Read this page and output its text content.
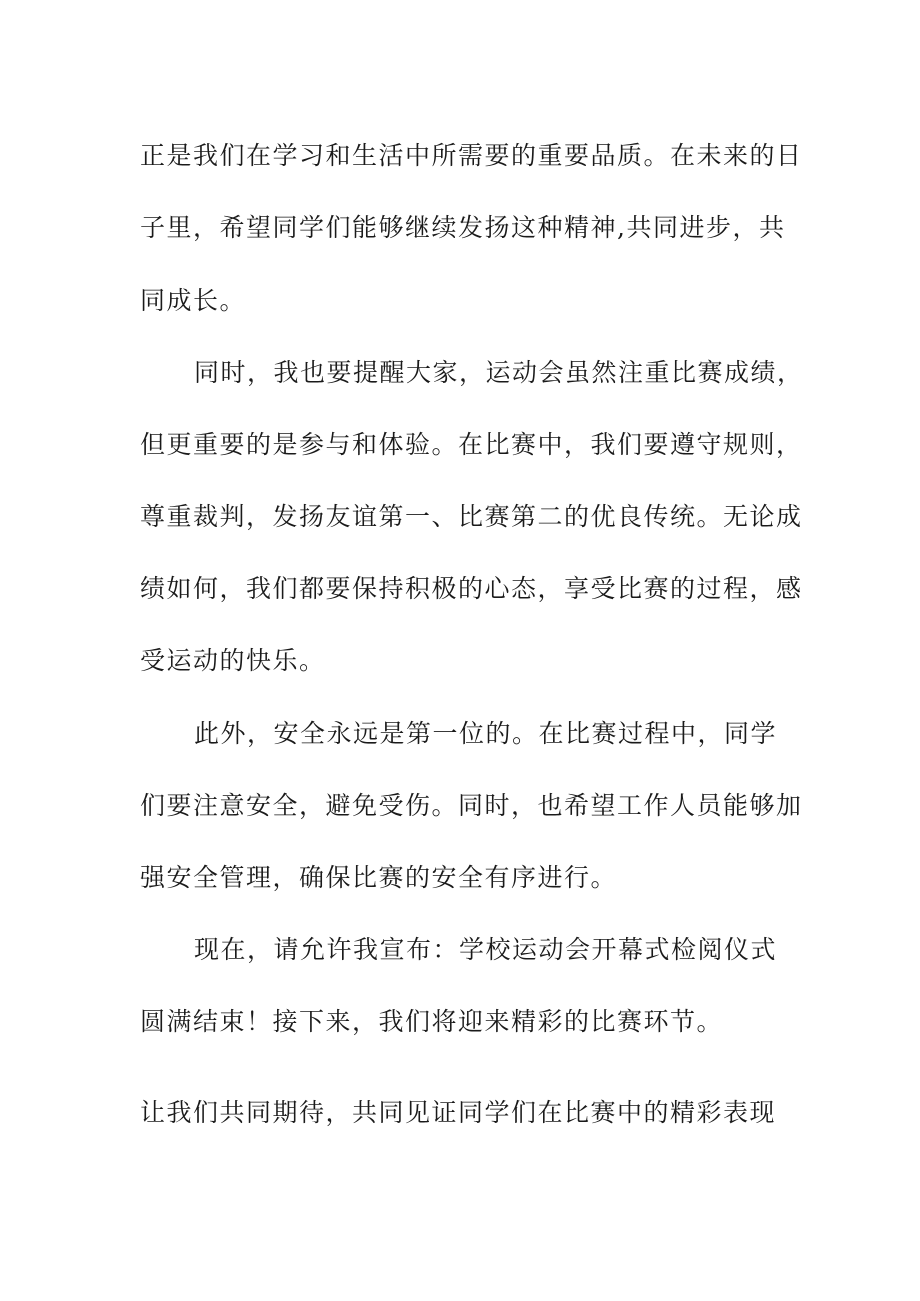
正是我们在学习和生活中所需要的重要品质。在未来的日

子里，希望同学们能够继续发扬这种精神,共同进步，共

同成长。

同时，我也要提醒大家，运动会虽然注重比赛成绩，

但更重要的是参与和体验。在比赛中，我们要遵守规则，

尊重裁判，发扬友谊第一、比赛第二的优良传统。无论成

绩如何，我们都要保持积极的心态，享受比赛的过程，感

受运动的快乐。

此外，安全永远是第一位的。在比赛过程中，同学

们要注意安全，避免受伤。同时，也希望工作人员能够加

强安全管理，确保比赛的安全有序进行。

现在，请允许我宣布：学校运动会开幕式检阅仪式

圆满结束！接下来，我们将迎来精彩的比赛环节。

让我们共同期待，共同见证同学们在比赛中的精彩表现
